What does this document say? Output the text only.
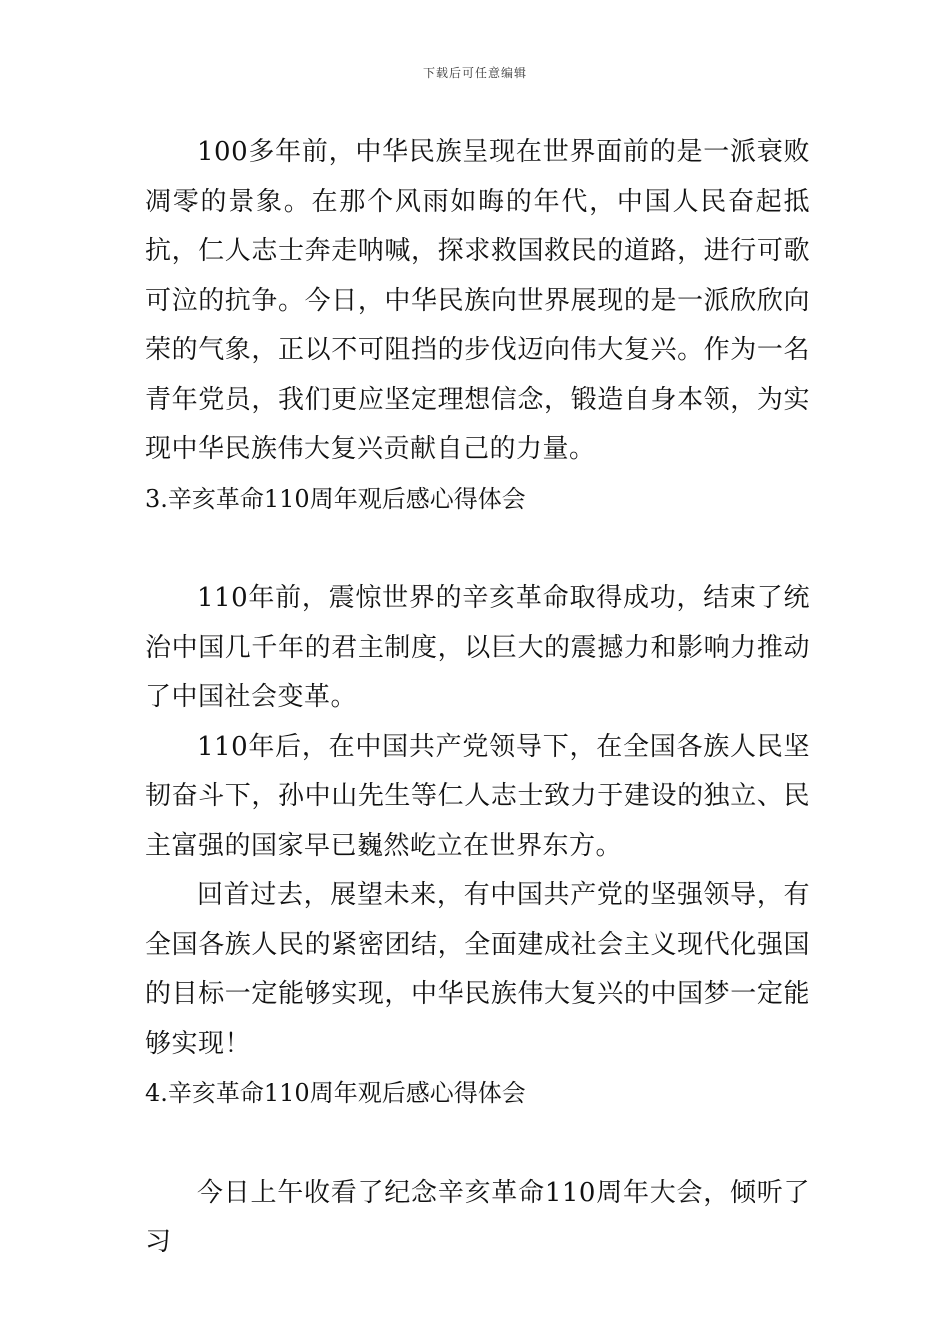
下载后可任意编辑

100多年前，中华民族呈现在世界面前的是一派衰败凋零的景象。在那个风雨如晦的年代，中国人民奋起抵抗，仁人志士奔走呐喊，探求救国救民的道路，进行可歌可泣的抗争。今日，中华民族向世界展现的是一派欣欣向荣的气象，正以不可阻挡的步伐迈向伟大复兴。作为一名青年党员，我们更应坚定理想信念，锻造自身本领，为实现中华民族伟大复兴贡献自己的力量。

3.辛亥革命110周年观后感心得体会

110年前，震惊世界的辛亥革命取得成功，结束了统治中国几千年的君主制度，以巨大的震撼力和影响力推动了中国社会变革。

110年后，在中国共产党领导下，在全国各族人民坚韧奋斗下，孙中山先生等仁人志士致力于建设的独立、民主富强的国家早已巍然屹立在世界东方。

回首过去，展望未来，有中国共产党的坚强领导，有全国各族人民的紧密团结，全面建成社会主义现代化强国的目标一定能够实现，中华民族伟大复兴的中国梦一定能够实现！

4.辛亥革命110周年观后感心得体会

今日上午收看了纪念辛亥革命110周年大会，倾听了习
